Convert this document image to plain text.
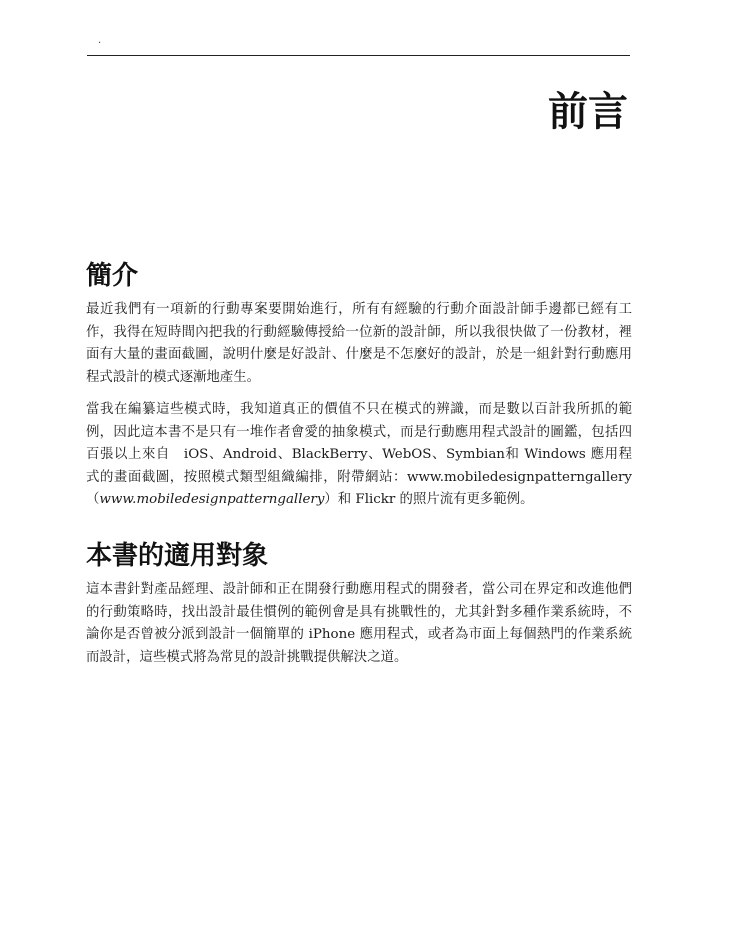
.
前言
簡介

最近我們有一項新的行動專案要開始進行，所有有經驗的行動介面設計師手邊都已經有工作，我得在短時間內把我的行動經驗傳授給一位新的設計師，所以我很快做了一份教材，裡面有大量的畫面截圖，說明什麼是好設計、什麼是不怎麼好的設計，於是一組針對行動應用程式設計的模式逐漸地產生。

當我在編纂這些模式時，我知道真正的價值不只在模式的辨識，而是數以百計我所抓的範例，因此這本書不是只有一堆作者會愛的抽象模式，而是行動應用程式設計的圖鑑，包括四百張以上來自　iOS、Android、BlackBerry、WebOS、Symbian和 Windows 應用程式的畫面截圖，按照模式類型組織編排，附帶網站：www.mobiledesignpatterngallery（www.mobiledesignpatterngallery）和 Flickr 的照片流有更多範例。

本書的適用對象

這本書針對產品經理、設計師和正在開發行動應用程式的開發者，當公司在界定和改進他們的行動策略時，找出設計最佳慣例的範例會是具有挑戰性的，尤其針對多種作業系統時，不論你是否曾被分派到設計一個簡單的 iPhone 應用程式，或者為市面上每個熱門的作業系統而設計，這些模式將為常見的設計挑戰提供解決之道。
